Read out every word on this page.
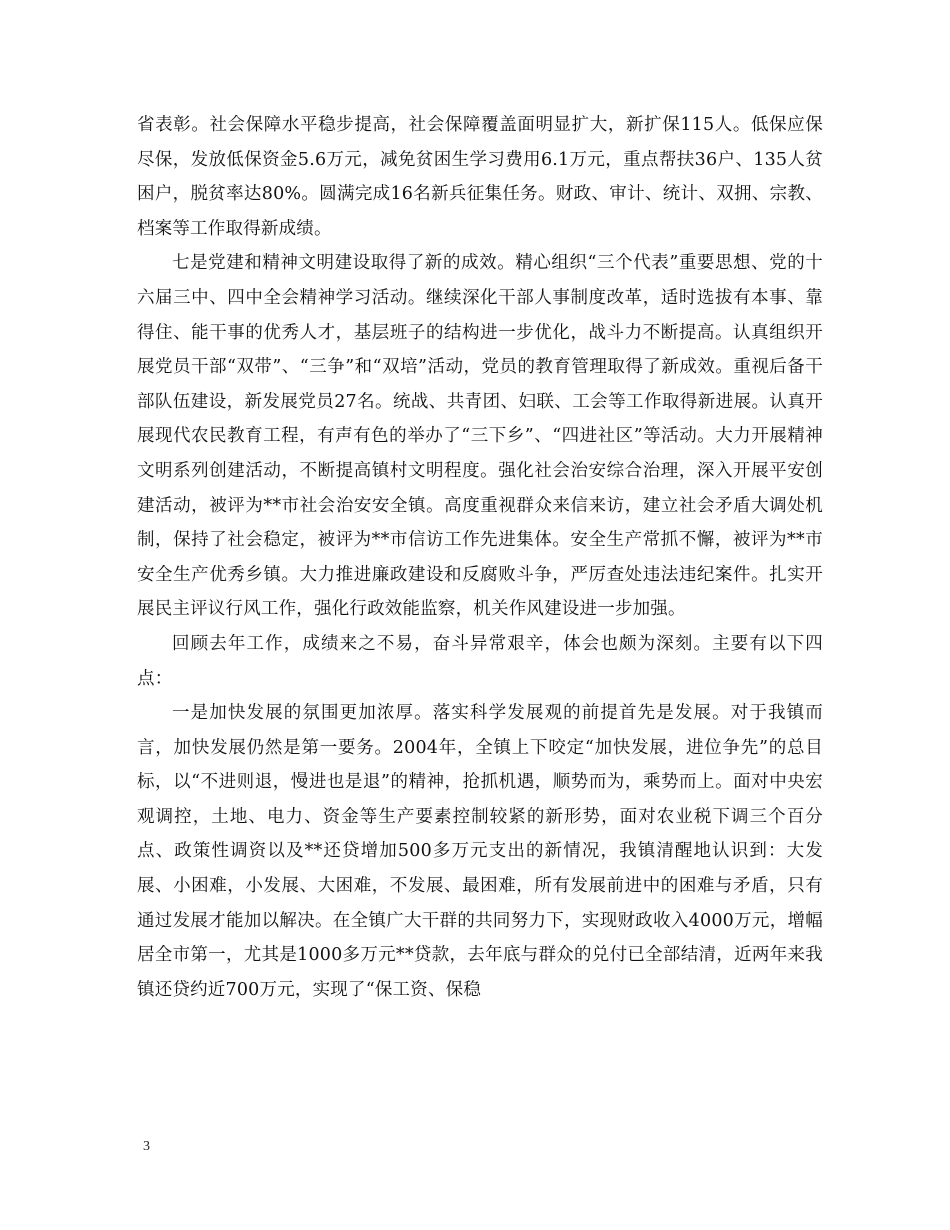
省表彰。社会保障水平稳步提高，社会保障覆盖面明显扩大，新扩保115人。低保应保尽保，发放低保资金5.6万元，减免贫困生学习费用6.1万元，重点帮扶36户、135人贫困户，脱贫率达80%。圆满完成16名新兵征集任务。财政、审计、统计、双拥、宗教、档案等工作取得新成绩。

七是党建和精神文明建设取得了新的成效。精心组织“三个代表”重要思想、党的十六届三中、四中全会精神学习活动。继续深化干部人事制度改革，适时选拔有本事、靠得住、能干事的优秀人才，基层班子的结构进一步优化，战斗力不断提高。认真组织开展党员干部“双带”、“三争”和“双培”活动，党员的教育管理取得了新成效。重视后备干部队伍建设，新发展党员27名。统战、共青团、妇联、工会等工作取得新进展。认真开展现代农民教育工程，有声有色的举办了“三下乡”、“四进社区”等活动。大力开展精神文明系列创建活动，不断提高镇村文明程度。强化社会治安综合治理，深入开展平安创建活动，被评为**市社会治安安全镇。高度重视群众来信来访，建立社会矛盾大调处机制，保持了社会稳定，被评为**市信访工作先进集体。安全生产常抓不懈，被评为**市安全生产优秀乡镇。大力推进廉政建设和反腐败斗争，严厉查处违法违纪案件。扎实开展民主评议行风工作，强化行政效能监察，机关作风建设进一步加强。

回顾去年工作，成绩来之不易，奋斗异常艰辛，体会也颇为深刻。主要有以下四点：

一是加快发展的氛围更加浓厚。落实科学发展观的前提首先是发展。对于我镇而言，加快发展仍然是第一要务。2004年，全镇上下咬定“加快发展，进位争先”的总目标，以“不进则退，慢进也是退”的精神，抢抓机遇，顺势而为，乘势而上。面对中央宏观调控，土地、电力、资金等生产要素控制较紧的新形势，面对农业税下调三个百分点、政策性调资以及**还贷增加500多万元支出的新情况，我镇清醒地认识到：大发展、小困难，小发展、大困难，不发展、最困难，所有发展前进中的困难与矛盾，只有通过发展才能加以解决。在全镇广大干群的共同努力下，实现财政收入4000万元，增幅居全市第一，尤其是1000多万元**贷款，去年底与群众的兑付已全部结清，近两年来我镇还贷约近700万元，实现了“保工资、保稳

3
